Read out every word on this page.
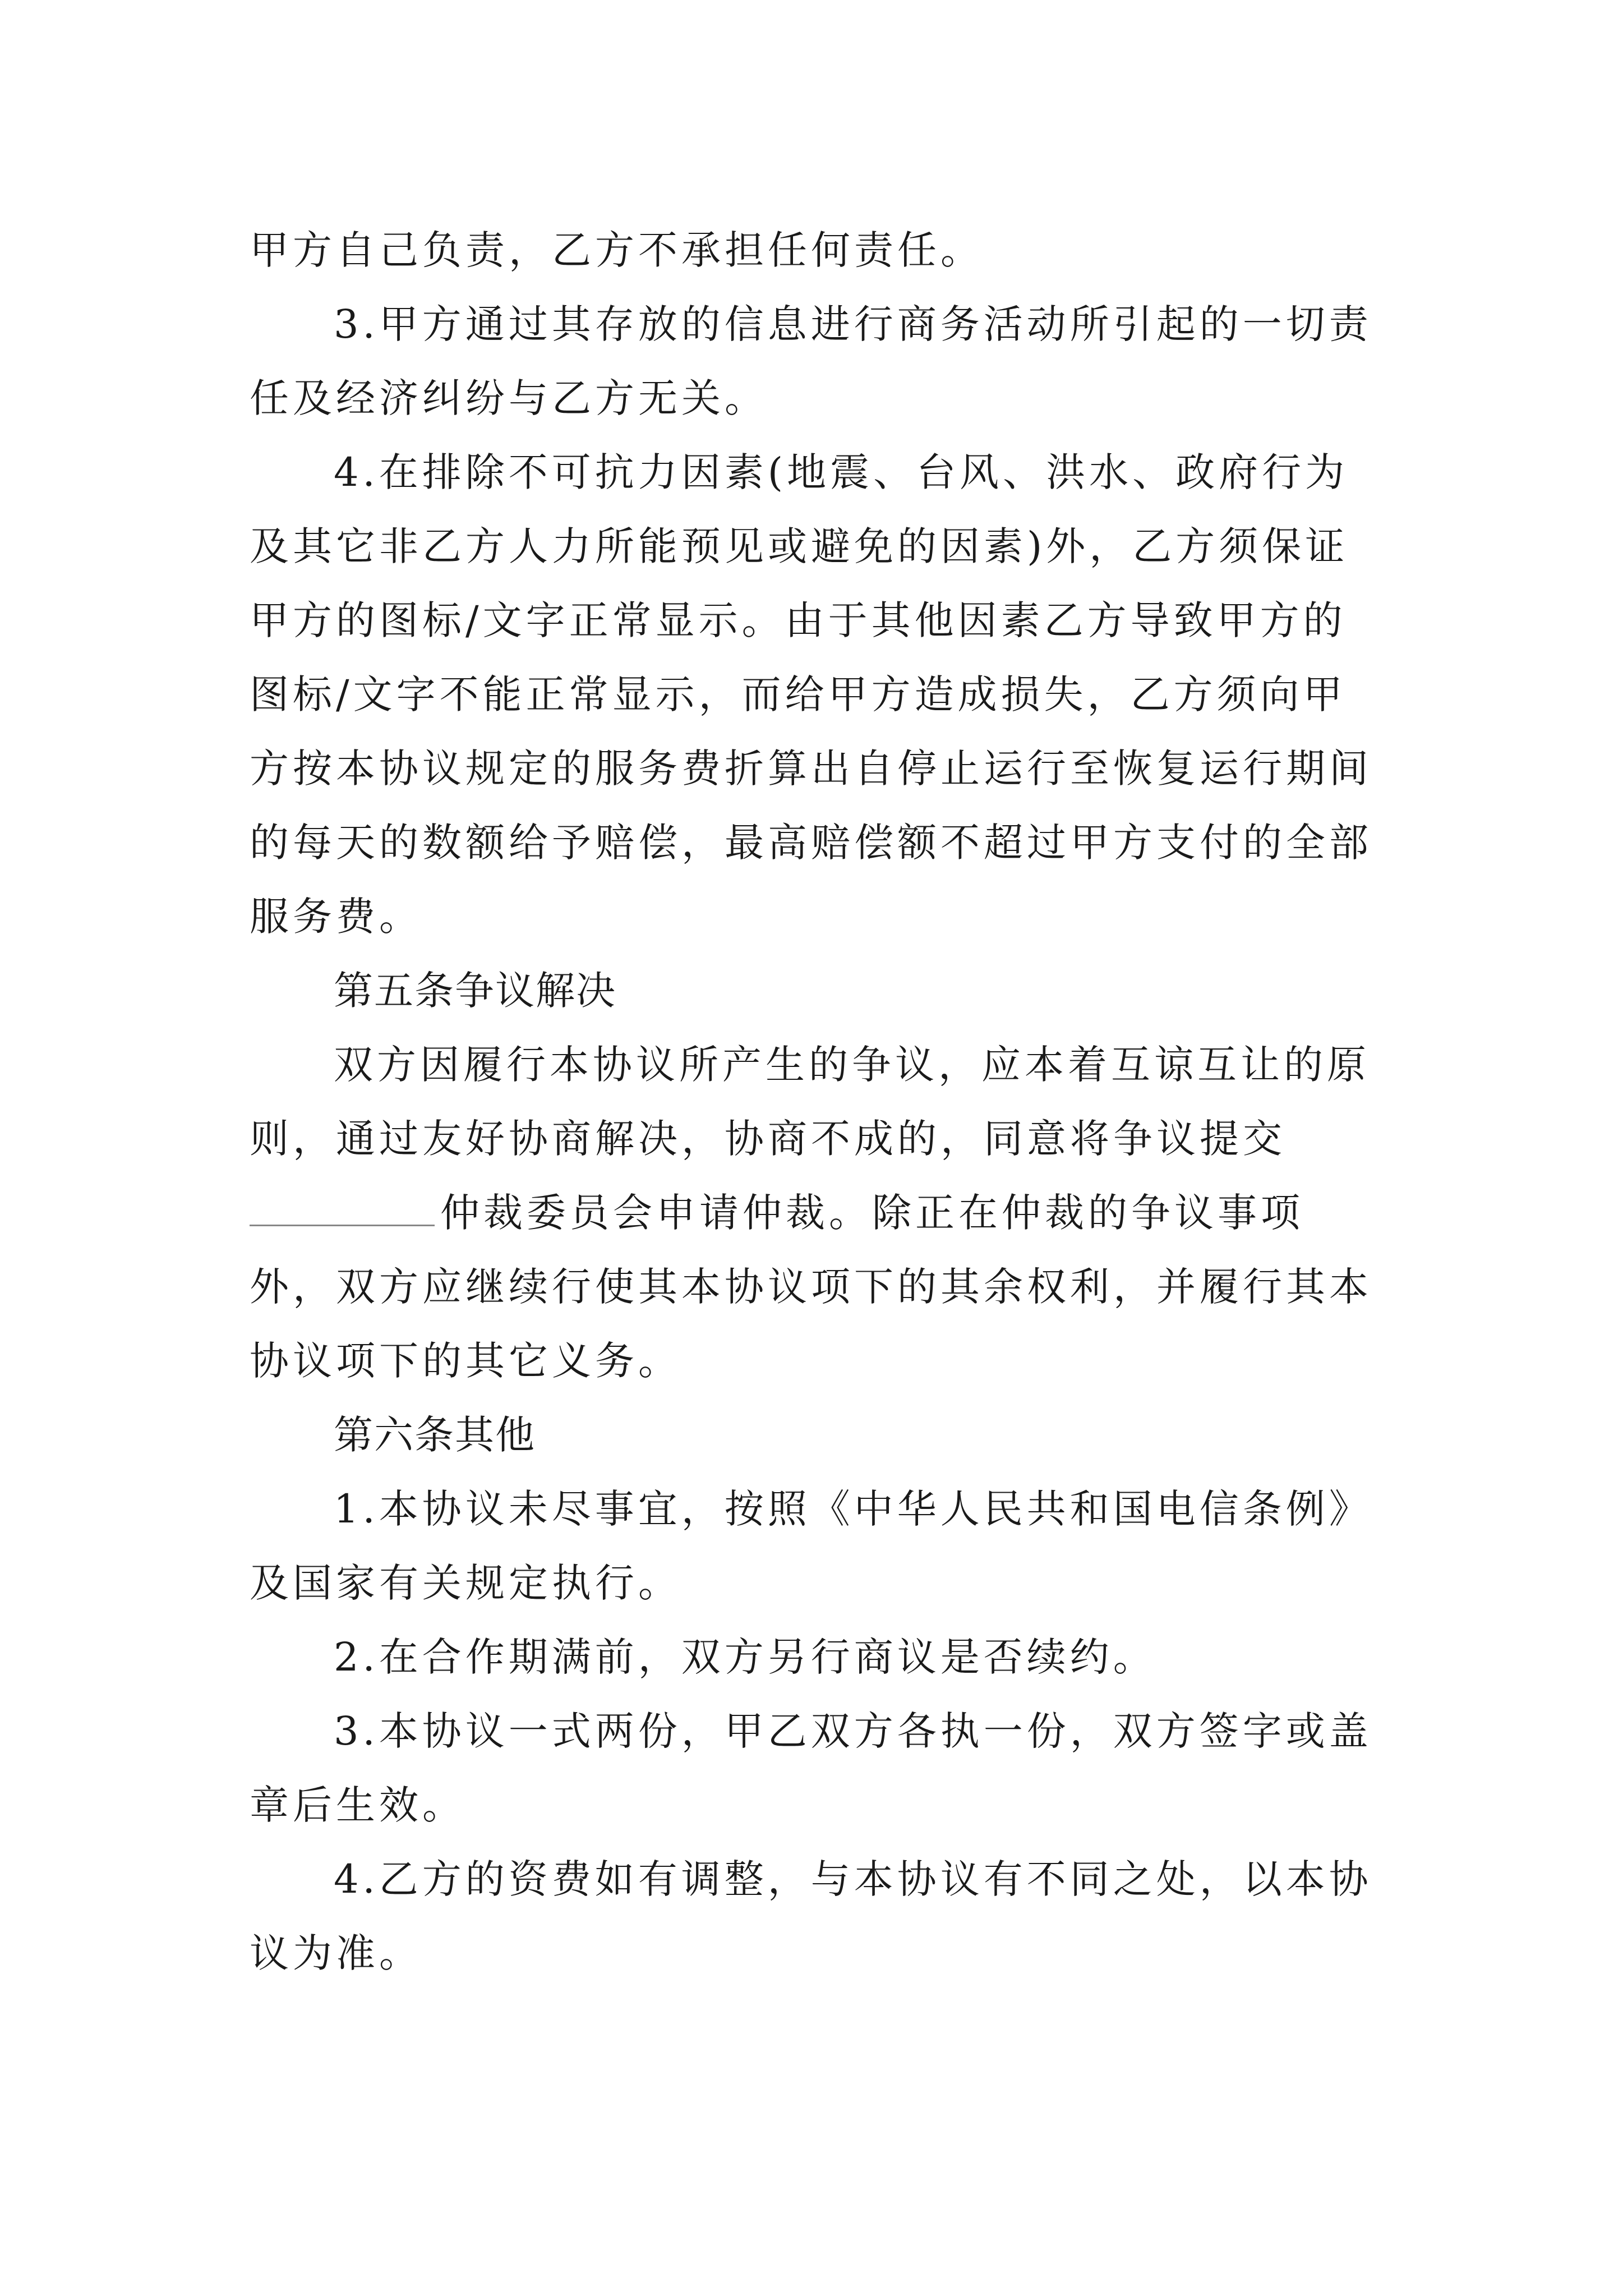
甲方自己负责，乙方不承担任何责任。

3.甲方通过其存放的信息进行商务活动所引起的一切责任及经济纠纷与乙方无关。

4.在排除不可抗力因素(地震、台风、洪水、政府行为及其它非乙方人力所能预见或避免的因素)外，乙方须保证甲方的图标/文字正常显示。由于其他因素乙方导致甲方的图标/文字不能正常显示，而给甲方造成损失，乙方须向甲方按本协议规定的服务费折算出自停止运行至恢复运行期间的每天的数额给予赔偿，最高赔偿额不超过甲方支付的全部服务费。

第五条争议解决

双方因履行本协议所产生的争议，应本着互谅互让的原则，通过友好协商解决，协商不成的，同意将争议提交仲裁委员会申请仲裁。除正在仲裁的争议事项外，双方应继续行使其本协议项下的其余权利，并履行其本协议项下的其它义务。

第六条其他

1.本协议未尽事宜，按照《中华人民共和国电信条例》及国家有关规定执行。

2.在合作期满前，双方另行商议是否续约。

3.本协议一式两份，甲乙双方各执一份，双方签字或盖章后生效。

4.乙方的资费如有调整，与本协议有不同之处，以本协议为准。
